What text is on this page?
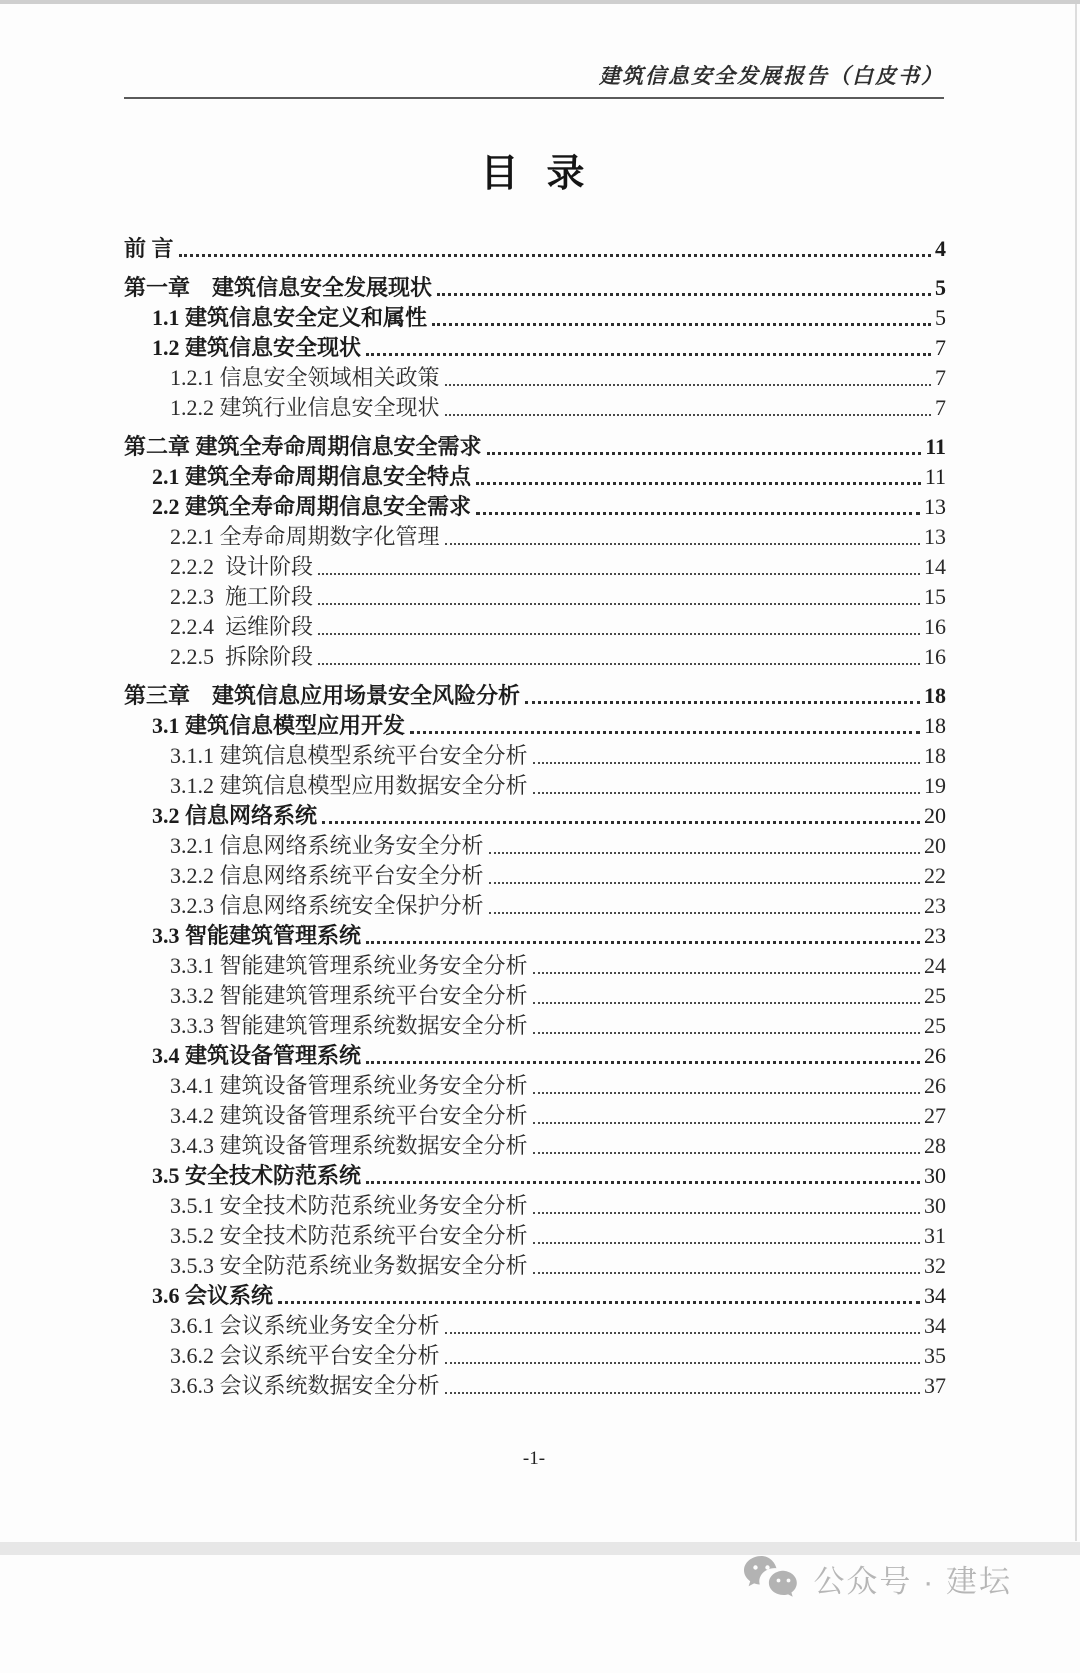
建筑信息安全发展报告（白皮书）
目  录
前 言	4
第一章　建筑信息安全发展现状	5
1.1 建筑信息安全定义和属性	5
1.2 建筑信息安全现状	7
1.2.1 信息安全领域相关政策	7
1.2.2 建筑行业信息安全现状	7
第二章 建筑全寿命周期信息安全需求	11
2.1 建筑全寿命周期信息安全特点	11
2.2 建筑全寿命周期信息安全需求	13
2.2.1 全寿命周期数字化管理	13
2.2.2  设计阶段	14
2.2.3  施工阶段	15
2.2.4  运维阶段	16
2.2.5  拆除阶段	16
第三章　建筑信息应用场景安全风险分析	18
3.1 建筑信息模型应用开发	18
3.1.1 建筑信息模型系统平台安全分析	18
3.1.2 建筑信息模型应用数据安全分析	19
3.2 信息网络系统	20
3.2.1 信息网络系统业务安全分析	20
3.2.2 信息网络系统平台安全分析	22
3.2.3 信息网络系统安全保护分析	23
3.3 智能建筑管理系统	23
3.3.1 智能建筑管理系统业务安全分析	24
3.3.2 智能建筑管理系统平台安全分析	25
3.3.3 智能建筑管理系统数据安全分析	25
3.4 建筑设备管理系统	26
3.4.1 建筑设备管理系统业务安全分析	26
3.4.2 建筑设备管理系统平台安全分析	27
3.4.3 建筑设备管理系统数据安全分析	28
3.5 安全技术防范系统	30
3.5.1 安全技术防范系统业务安全分析	30
3.5.2 安全技术防范系统平台安全分析	31
3.5.3 安全防范系统业务数据安全分析	32
3.6 会议系统	34
3.6.1 会议系统业务安全分析	34
3.6.2 会议系统平台安全分析	35
3.6.3 会议系统数据安全分析	37
-1-

公众号 · 建坛
